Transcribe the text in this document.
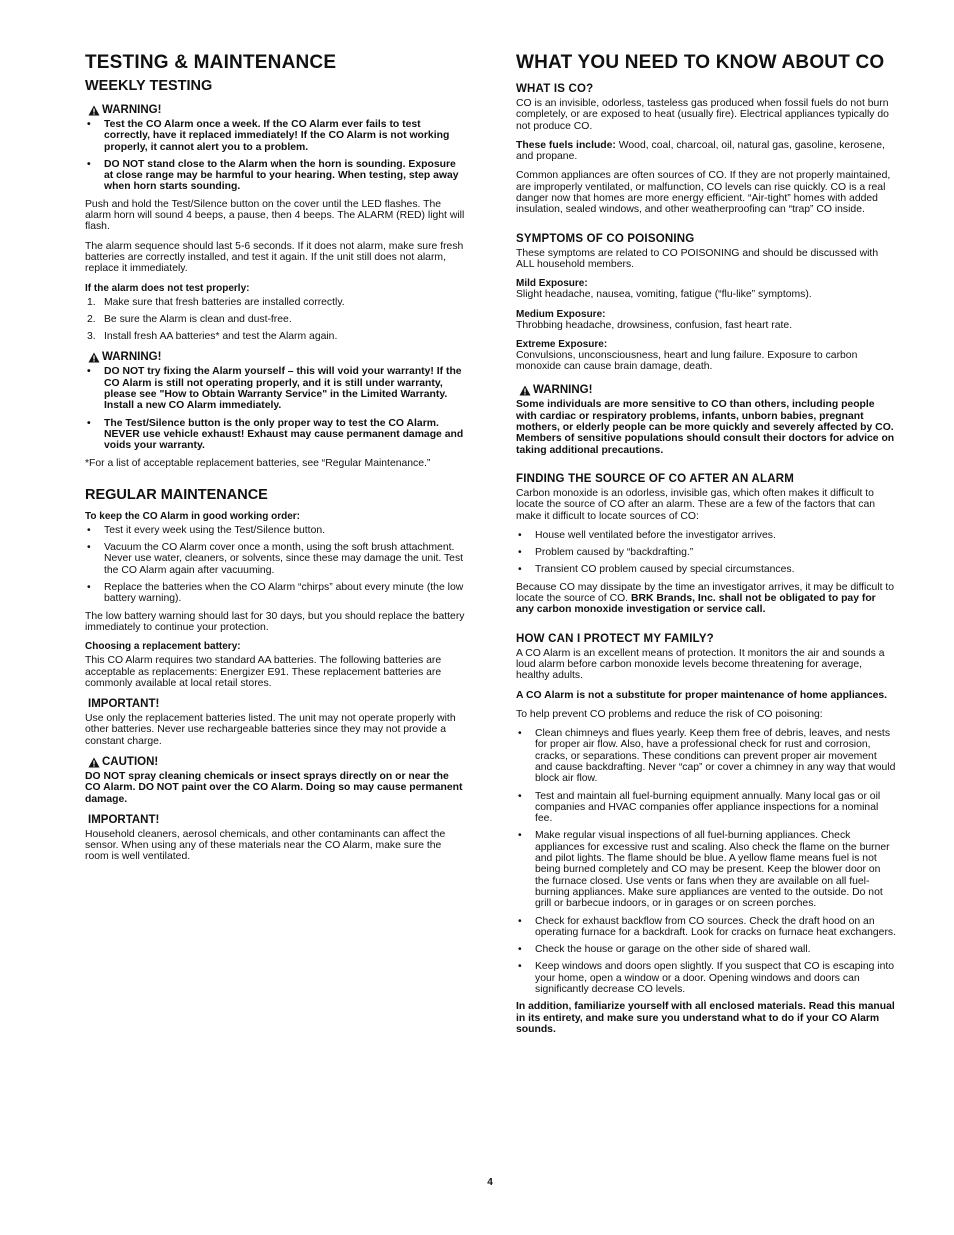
TESTING & MAINTENANCE
WEEKLY TESTING
WARNING!
• Test the CO Alarm once a week. If the CO Alarm ever fails to test correctly, have it replaced immediately! If the CO Alarm is not working properly, it cannot alert you to a problem.
• DO NOT stand close to the Alarm when the horn is sounding. Exposure at close range may be harmful to your hearing. When testing, step away when horn starts sounding.

Push and hold the Test/Silence button on the cover until the LED flashes. The alarm horn will sound 4 beeps, a pause, then 4 beeps. The ALARM (RED) light will flash.

The alarm sequence should last 5-6 seconds. If it does not alarm, make sure fresh batteries are correctly installed, and test it again. If the unit still does not alarm, replace it immediately.

If the alarm does not test properly:
1. Make sure that fresh batteries are installed correctly.
2. Be sure the Alarm is clean and dust-free.
3. Install fresh AA batteries* and test the Alarm again.
WARNING!
• DO NOT try fixing the Alarm yourself – this will void your warranty! If the CO Alarm is still not operating properly, and it is still under warranty, please see "How to Obtain Warranty Service" in the Limited Warranty. Install a new CO Alarm immediately.
• The Test/Silence button is the only proper way to test the CO Alarm. NEVER use vehicle exhaust! Exhaust may cause permanent damage and voids your warranty.

*For a list of acceptable replacement batteries, see “Regular Maintenance.”

REGULAR MAINTENANCE
To keep the CO Alarm in good working order:
• Test it every week using the Test/Silence button.
• Vacuum the CO Alarm cover once a month, using the soft brush attachment. Never use water, cleaners, or solvents, since these may damage the unit. Test the CO Alarm again after vacuuming.
• Replace the batteries when the CO Alarm “chirps” about every minute (the low battery warning).

The low battery warning should last for 30 days, but you should replace the battery immediately to continue your protection.

Choosing a replacement battery:

This CO Alarm requires two standard AA batteries. The following batteries are acceptable as replacements: Energizer E91. These replacement batteries are commonly available at local retail stores.

IMPORTANT!

Use only the replacement batteries listed. The unit may not operate properly with other batteries. Never use rechargeable batteries since they may not provide a constant charge.

CAUTION!

DO NOT spray cleaning chemicals or insect sprays directly on or near the CO Alarm. DO NOT paint over the CO Alarm. Doing so may cause permanent damage.

IMPORTANT!

Household cleaners, aerosol chemicals, and other contaminants can affect the sensor. When using any of these materials near the CO Alarm, make sure the room is well ventilated.

WHAT YOU NEED TO KNOW ABOUT CO
WHAT IS CO?

CO is an invisible, odorless, tasteless gas produced when fossil fuels do not burn completely, or are exposed to heat (usually fire). Electrical appliances typically do not produce CO.

These fuels include: Wood, coal, charcoal, oil, natural gas, gasoline, kerosene, and propane.

Common appliances are often sources of CO. If they are not properly maintained, are improperly ventilated, or malfunction, CO levels can rise quickly. CO is a real danger now that homes are more energy efficient. “Air-tight” homes with added insulation, sealed windows, and other weatherproofing can “trap” CO inside.

SYMPTOMS OF CO POISONING

These symptoms are related to CO POISONING and should be discussed with ALL household members.

Mild Exposure:

Slight headache, nausea, vomiting, fatigue (“flu-like” symptoms).

Medium Exposure:

Throbbing headache, drowsiness, confusion, fast heart rate.

Extreme Exposure:

Convulsions, unconsciousness, heart and lung failure. Exposure to carbon monoxide can cause brain damage, death.

WARNING!

Some individuals are more sensitive to CO than others, including people with cardiac or respiratory problems, infants, unborn babies, pregnant mothers, or elderly people can be more quickly and severely affected by CO. Members of sensitive populations should consult their doctors for advice on taking additional precautions.

FINDING THE SOURCE OF CO AFTER AN ALARM

Carbon monoxide is an odorless, invisible gas, which often makes it difficult to locate the source of CO after an alarm. These are a few of the factors that can make it difficult to locate sources of CO:

• House well ventilated before the investigator arrives.
• Problem caused by “backdrafting.”
• Transient CO problem caused by special circumstances.

Because CO may dissipate by the time an investigator arrives, it may be difficult to locate the source of CO. BRK Brands, Inc. shall not be obligated to pay for any carbon monoxide investigation or service call.

HOW CAN I PROTECT MY FAMILY?

A CO Alarm is an excellent means of protection. It monitors the air and sounds a loud alarm before carbon monoxide levels become threatening for average, healthy adults.

A CO Alarm is not a substitute for proper maintenance of home appliances.

To help prevent CO problems and reduce the risk of CO poisoning:

• Clean chimneys and flues yearly. Keep them free of debris, leaves, and nests for proper air flow. Also, have a professional check for rust and corrosion, cracks, or separations. These conditions can prevent proper air movement and cause backdrafting. Never “cap” or cover a chimney in any way that would block air flow.
• Test and maintain all fuel-burning equipment annually. Many local gas or oil companies and HVAC companies offer appliance inspections for a nominal fee.
• Make regular visual inspections of all fuel-burning appliances. Check appliances for excessive rust and scaling. Also check the flame on the burner and pilot lights. The flame should be blue. A yellow flame means fuel is not being burned completely and CO may be present. Keep the blower door on the furnace closed. Use vents or fans when they are available on all fuel-burning appliances. Make sure appliances are vented to the outside. Do not grill or barbecue indoors, or in garages or on screen porches.
• Check for exhaust backflow from CO sources. Check the draft hood on an operating furnace for a backdraft. Look for cracks on furnace heat exchangers.
• Check the house or garage on the other side of shared wall.
• Keep windows and doors open slightly. If you suspect that CO is escaping into your home, open a window or a door. Opening windows and doors can significantly decrease CO levels.

In addition, familiarize yourself with all enclosed materials. Read this manual in its entirety, and make sure you understand what to do if your CO Alarm sounds.

4
